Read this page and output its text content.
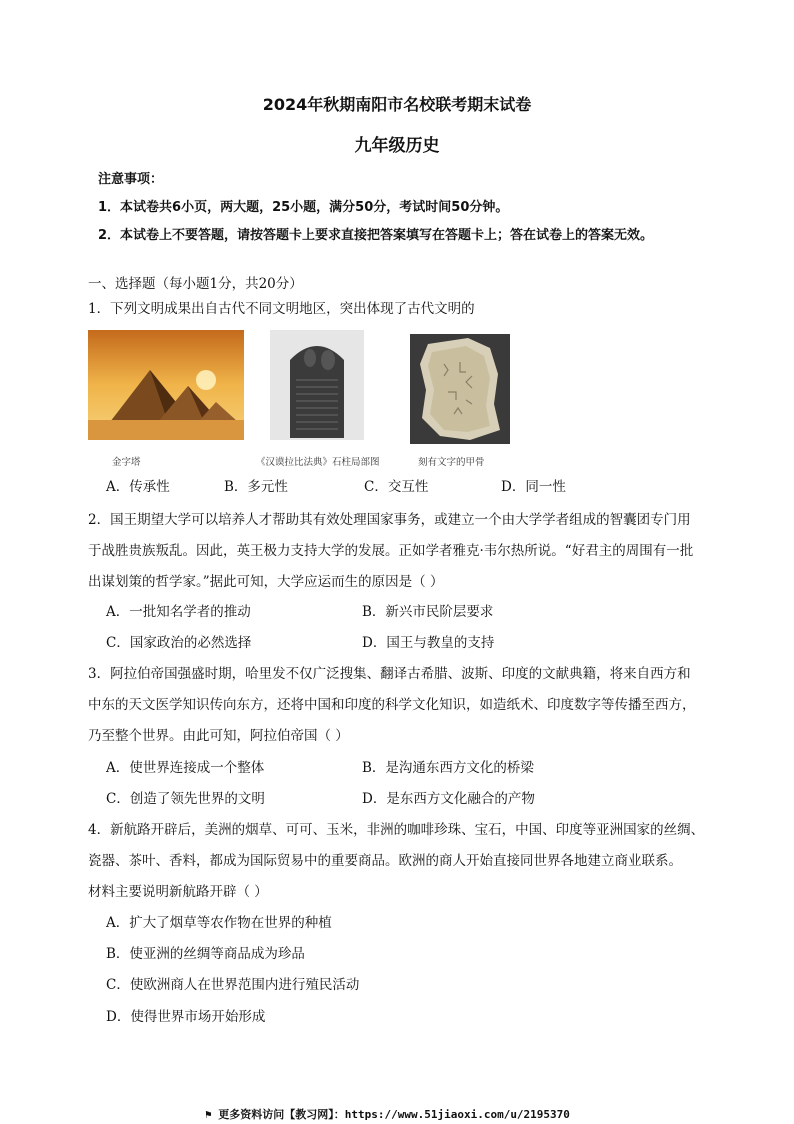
2024年秋期南阳市名校联考期末试卷
九年级历史
注意事项：
1．本试卷共6小页，两大题，25小题，满分50分，考试时间50分钟。
2．本试卷上不要答题，请按答题卡上要求直接把答案填写在答题卡上；答在试卷上的答案无效。
一、选择题（每小题1分，共20分）
1．下列文明成果出自古代不同文明地区，突出体现了古代文明的
金字塔	《汉谟拉比法典》石柱局部图	刻有文字的甲骨
A．传承性	B．多元性	C．交互性	D．同一性
2．国王期望大学可以培养人才帮助其有效处理国家事务，或建立一个由大学学者组成的智囊团专门用
于战胜贵族叛乱。因此，英王极力支持大学的发展。正如学者雅克·韦尔热所说。“好君主的周围有一批
出谋划策的哲学家。”据此可知，大学应运而生的原因是（ ）
A．一批知名学者的推动	B．新兴市民阶层要求
C．国家政治的必然选择	D．国王与教皇的支持
3．阿拉伯帝国强盛时期，哈里发不仅广泛搜集、翻译古希腊、波斯、印度的文献典籍，将来自西方和
中东的天文医学知识传向东方，还将中国和印度的科学文化知识，如造纸术、印度数字等传播至西方，
乃至整个世界。由此可知，阿拉伯帝国（ ）
A．使世界连接成一个整体	B．是沟通东西方文化的桥梁
C．创造了领先世界的文明	D．是东西方文化融合的产物
4．新航路开辟后，美洲的烟草、可可、玉米，非洲的咖啡珍珠、宝石，中国、印度等亚洲国家的丝绸、
瓷器、茶叶、香料，都成为国际贸易中的重要商品。欧洲的商人开始直接同世界各地建立商业联系。
材料主要说明新航路开辟（ ）
A．扩大了烟草等农作物在世界的种植
B．使亚洲的丝绸等商品成为珍品
C．使欧洲商人在世界范围内进行殖民活动
D．使得世界市场开始形成
⚑ 更多资料访问【教习网】：https://www.51jiaoxi.com/u/2195370
